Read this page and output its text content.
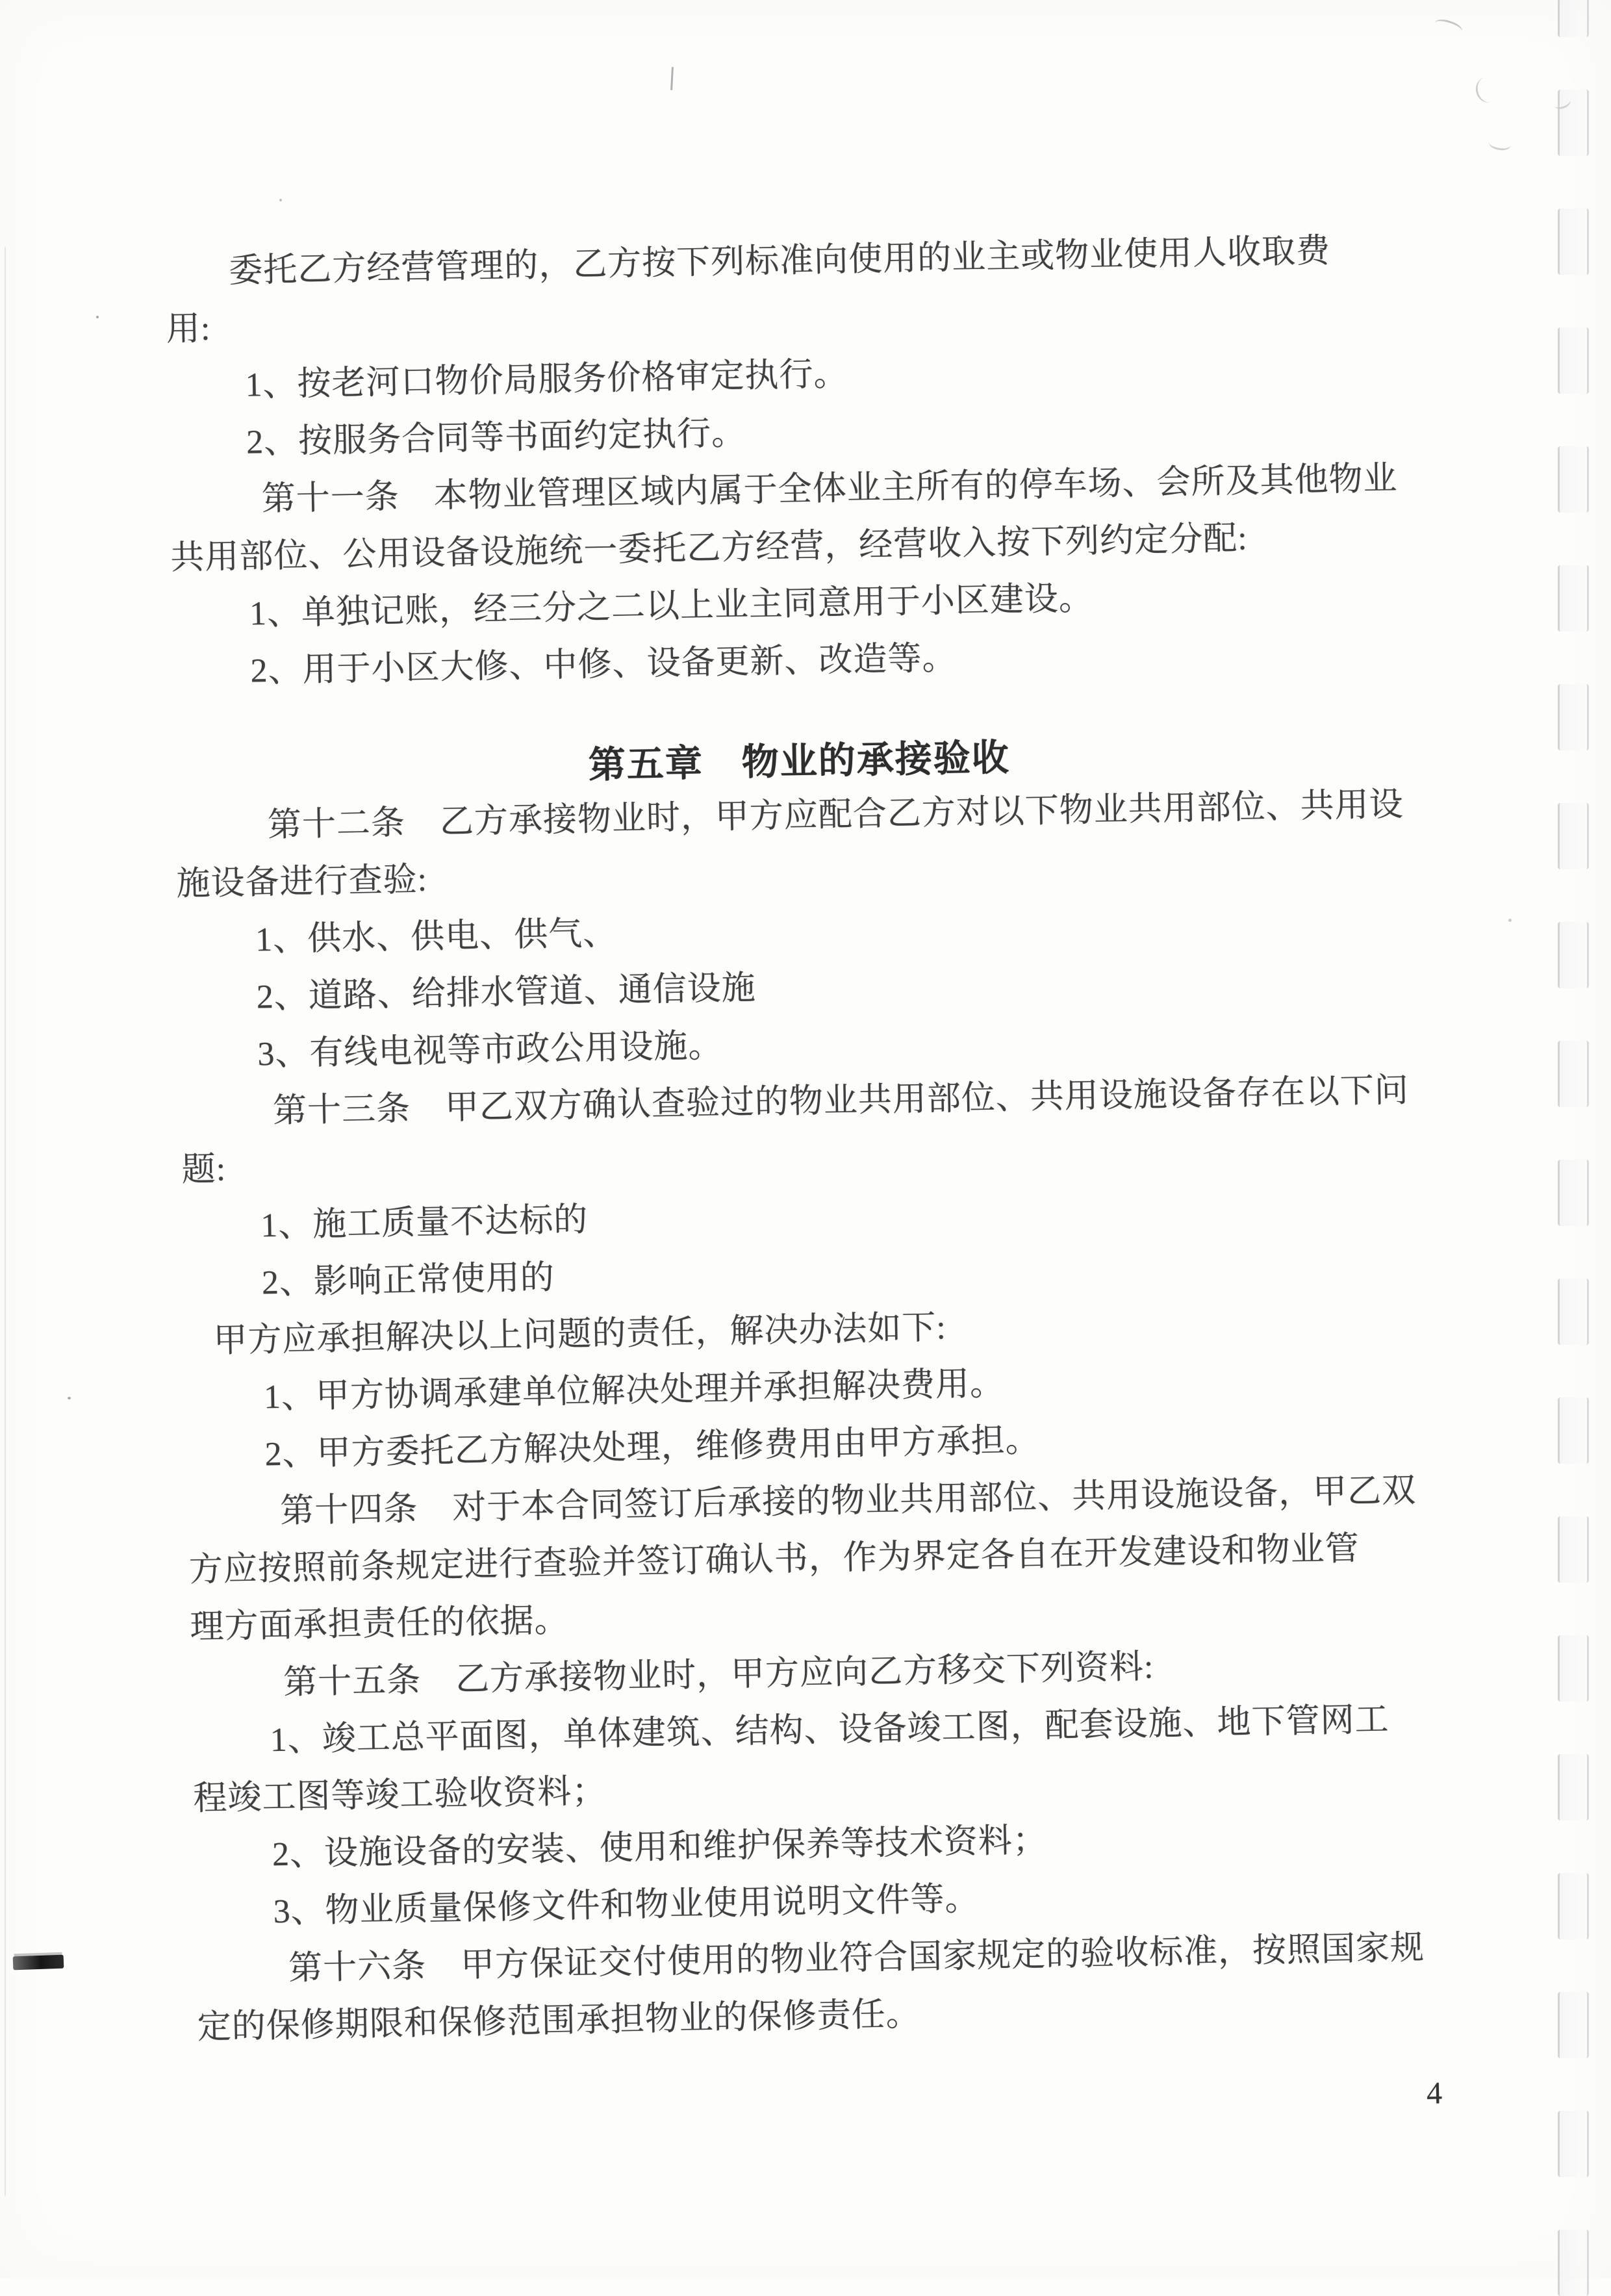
第五章　物业的承接验收
委托乙方经营管理的，乙方按下列标准向使用的业主或物业使用人收取费
用:
1、按老河口物价局服务价格审定执行。
2、按服务合同等书面约定执行。
第十一条　本物业管理区域内属于全体业主所有的停车场、会所及其他物业
共用部位、公用设备设施统一委托乙方经营，经营收入按下列约定分配:
1、单独记账，经三分之二以上业主同意用于小区建设。
2、用于小区大修、中修、设备更新、改造等。
第十二条　乙方承接物业时，甲方应配合乙方对以下物业共用部位、共用设
施设备进行查验:
1、供水、供电、供气、
2、道路、给排水管道、通信设施
3、有线电视等市政公用设施。
第十三条　甲乙双方确认查验过的物业共用部位、共用设施设备存在以下问
题:
1、施工质量不达标的
2、影响正常使用的
甲方应承担解决以上问题的责任，解决办法如下:
1、甲方协调承建单位解决处理并承担解决费用。
2、甲方委托乙方解决处理，维修费用由甲方承担。
第十四条　对于本合同签订后承接的物业共用部位、共用设施设备，甲乙双
方应按照前条规定进行查验并签订确认书，作为界定各自在开发建设和物业管
理方面承担责任的依据。
第十五条　乙方承接物业时，甲方应向乙方移交下列资料:
1、竣工总平面图，单体建筑、结构、设备竣工图，配套设施、地下管网工
程竣工图等竣工验收资料；
2、设施设备的安装、使用和维护保养等技术资料；
3、物业质量保修文件和物业使用说明文件等。
第十六条　甲方保证交付使用的物业符合国家规定的验收标准，按照国家规
定的保修期限和保修范围承担物业的保修责任。
4
